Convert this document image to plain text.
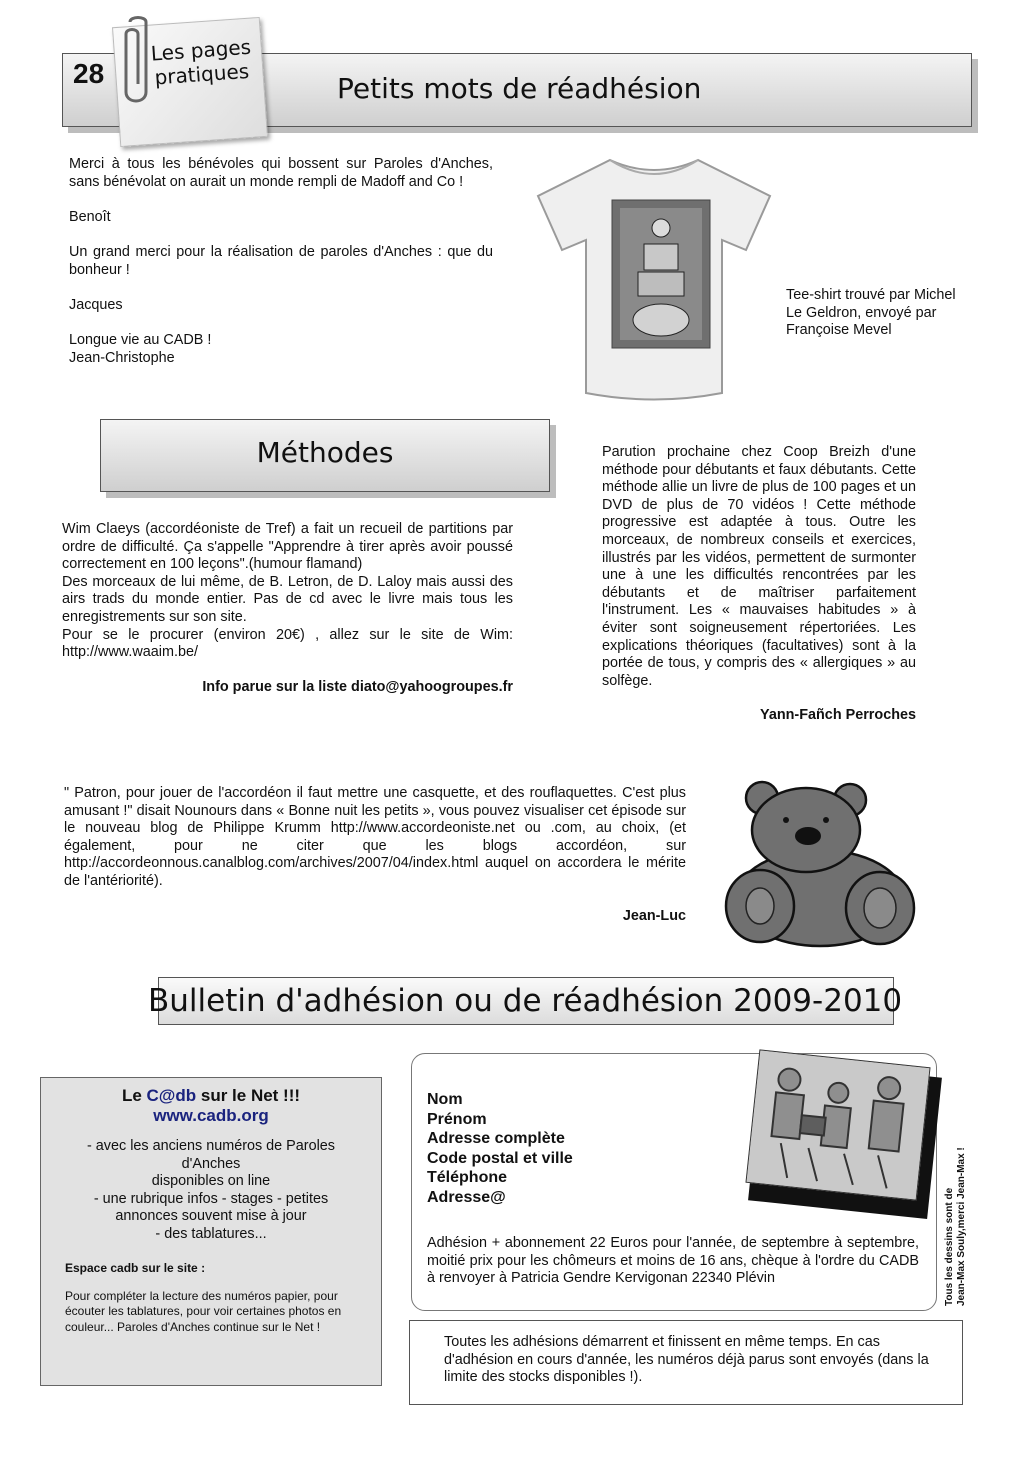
28	Petits mots de réadhésion
Les pages
pratiques

Merci à tous les bénévoles qui bossent sur Paroles d'Anches, sans bénévolat on aurait un monde rempli de Madoff and Co !

Benoît

Un grand merci pour la réalisation de paroles d'Anches : que du bonheur !

Jacques

Longue vie au CADB !

Jean-Christophe

Tee-shirt trouvé par Michel
Le Geldron, envoyé par
Françoise Mevel
Méthodes

Wim Claeys (accordéoniste de Tref) a fait un recueil de partitions par ordre de difficulté. Ça s'appelle "Apprendre à tirer après avoir poussé correctement en 100 leçons".(humour flamand)

Des morceaux de lui même, de B. Letron, de D. Laloy mais aussi des airs trads du monde entier. Pas de cd avec le livre mais tous les enregistrements sur son site.

Pour se le procurer (environ 20€) , allez sur le site de Wim: http://www.waaim.be/

Info parue sur la liste diato@yahoogroupes.fr

Parution prochaine chez Coop Breizh d'une méthode pour débutants et faux débutants. Cette méthode allie un livre de plus de 100 pages et un DVD de plus de 70 vidéos ! Cette méthode progressive est adaptée à tous. Outre les morceaux, de nombreux conseils et exercices, illustrés par les vidéos, permettent de surmonter une à une les difficultés rencontrées par les débutants et de maîtriser parfaitement l'instrument. Les « mauvaises habitudes » à éviter sont soigneusement répertoriées. Les explications théoriques (facultatives) sont à la portée de tous, y compris des « allergiques » au solfège.

Yann-Fañch Perroches

" Patron, pour jouer de l'accordéon il faut mettre une casquette, et des rouflaquettes. C'est plus amusant !" disait Nounours dans « Bonne nuit les petits », vous pouvez visualiser cet épisode sur le nouveau blog de Philippe Krumm http://www.accordeoniste.net ou .com, au choix, (et également, pour ne citer que les blogs accordéon, sur http://accordeonnous.canalblog.com/archives/2007/04/index.html auquel on accordera le mérite de l'antériorité).

Jean-Luc

Bulletin d'adhésion ou de réadhésion 2009-2010
Le C@db sur le Net !!!
www.cadb.org
- avec les anciens numéros de Paroles d'Anches
disponibles on line
- une rubrique infos - stages - petites annonces souvent mise à jour
- des tablatures...
Espace cadb sur le site :
Pour compléter la lecture des numéros papier, pour écouter les tablatures, pour voir certaines photos en couleur... Paroles d'Anches continue sur le Net !
Nom
Prénom
Adresse complète
Code postal et ville
Téléphone
Adresse@
Adhésion + abonnement 22 Euros pour l'année, de septembre à septembre, moitié prix pour les chômeurs et moins de 16 ans, chèque à l'ordre du CADB à renvoyer à Patricia Gendre Kervigonan 22340 Plévin	Tous les dessins sont de Jean-Max Souly,merci Jean-Max !
Toutes les adhésions démarrent et finissent en même temps. En cas d'adhésion en cours d'année, les numéros déjà parus sont envoyés (dans la limite des stocks disponibles !).
